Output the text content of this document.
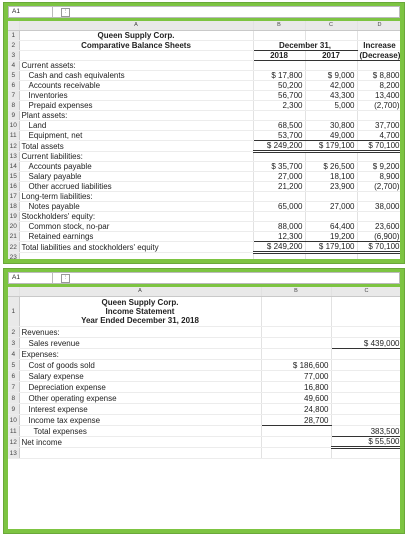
A1	⋮
	A	B	C	D
1	Queen Supply Corp.			
2	Comparative Balance Sheets	December 31,		Increase
3		2018	2017	(Decrease)
4	Current assets:			
5	Cash and cash equivalents	$ 17,800	$ 9,000	$ 8,800
6	Accounts receivable	50,200	42,000	8,200
7	Inventories	56,700	43,300	13,400
8	Prepaid expenses	2,300	5,000	(2,700)
9	Plant assets:			
10	Land	68,500	30,800	37,700
11	Equipment, net	53,700	49,000	4,700
12	Total assets	$ 249,200	$ 179,100	$ 70,100
13	Current liabilities:			
14	Accounts payable	$ 35,700	$ 26,500	$ 9,200
15	Salary payable	27,000	18,100	8,900
16	Other accrued liabilities	21,200	23,900	(2,700)
17	Long-term liabilities:			
18	Notes payable	65,000	27,000	38,000
19	Stockholders' equity:			
20	Common stock, no-par	88,000	64,400	23,600
21	Retained earnings	12,300	19,200	(6,900)
22	Total liabilities and stockholders' equity	$ 249,200	$ 179,100	$ 70,100
23				
A1	⋮
	A	B	C
1	Queen Supply Corp.
Income Statement
Year Ended December 31, 2018		

2	Revenues:		
3	Sales revenue		$ 439,000
4	Expenses:		
5	Cost of goods sold	$ 186,600	
6	Salary expense	77,000	
7	Depreciation expense	16,800	
8	Other operating expense	49,600	
9	Interest expense	24,800	
10	Income tax expense	28,700	
11	Total expenses		383,500
12	Net income		$ 55,500
13			
